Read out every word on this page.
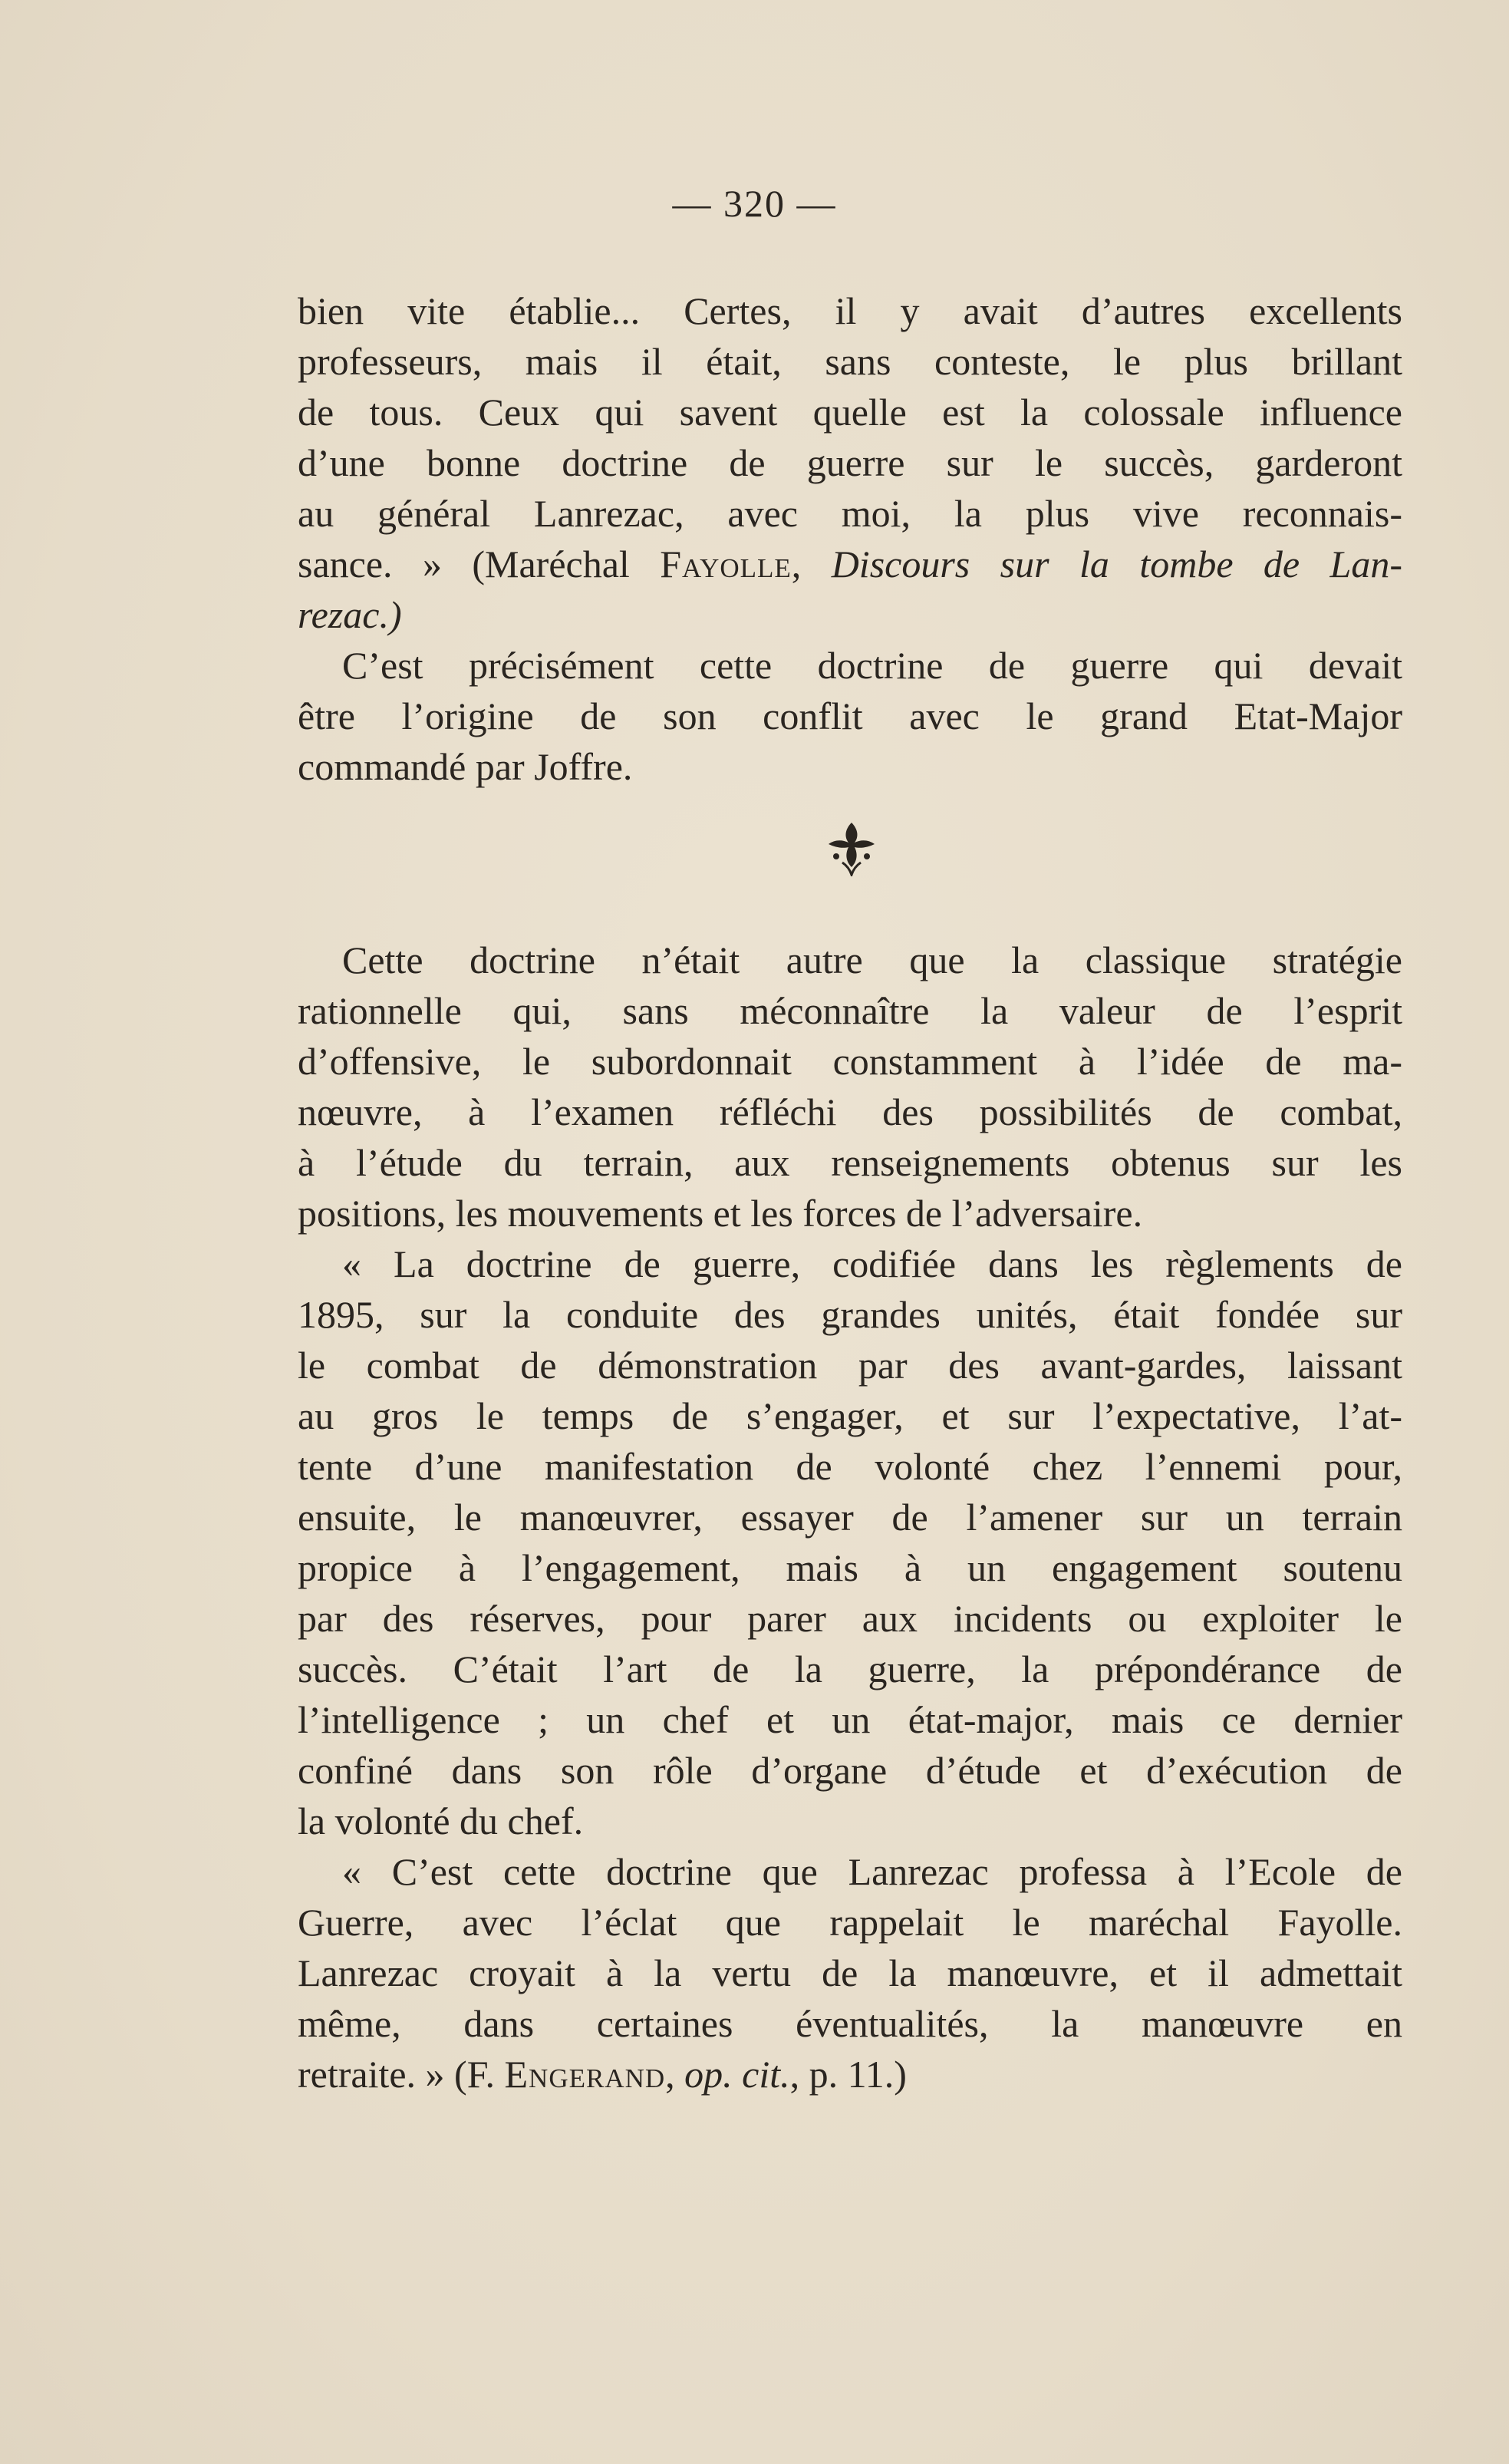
— 320 —
bien vite établie... Certes, il y avait d’autres excellents
professeurs, mais il était, sans conteste, le plus brillant
de tous. Ceux qui savent quelle est la colossale influence
d’une bonne doctrine de guerre sur le succès, garderont
au général Lanrezac, avec moi, la plus vive reconnais-
sance. » (Maréchal Fayolle, Discours sur la tombe de Lan-
rezac.)
C’est précisément cette doctrine de guerre qui devait
être l’origine de son conflit avec le grand Etat-Major
commandé par Joffre.
Cette doctrine n’était autre que la classique stratégie
rationnelle qui, sans méconnaître la valeur de l’esprit
d’offensive, le subordonnait constamment à l’idée de ma-
nœuvre, à l’examen réfléchi des possibilités de combat,
à l’étude du terrain, aux renseignements obtenus sur les
positions, les mouvements et les forces de l’adversaire.
« La doctrine de guerre, codifiée dans les règlements de
1895, sur la conduite des grandes unités, était fondée sur
le combat de démonstration par des avant-gardes, laissant
au gros le temps de s’engager, et sur l’expectative, l’at-
tente d’une manifestation de volonté chez l’ennemi pour,
ensuite, le manœuvrer, essayer de l’amener sur un terrain
propice à l’engagement, mais à un engagement soutenu
par des réserves, pour parer aux incidents ou exploiter le
succès. C’était l’art de la guerre, la prépondérance de
l’intelligence ; un chef et un état-major, mais ce dernier
confiné dans son rôle d’organe d’étude et d’exécution de
la volonté du chef.
« C’est cette doctrine que Lanrezac professa à l’Ecole de
Guerre, avec l’éclat que rappelait le maréchal Fayolle.
Lanrezac croyait à la vertu de la manœuvre, et il admettait
même, dans certaines éventualités, la manœuvre en
retraite. » (F. Engerand, op. cit., p. 11.)
